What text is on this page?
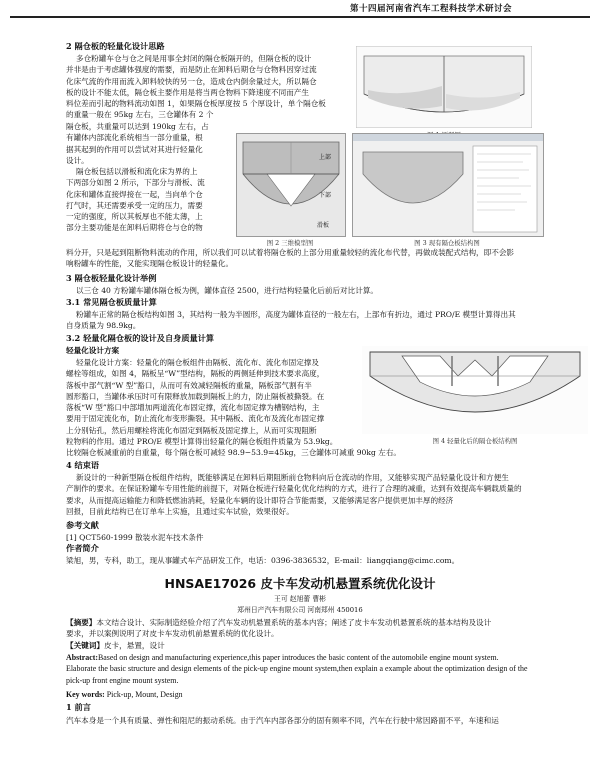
第十四届河南省汽车工程科技学术研讨会
2 隔仓板的轻量化设计思路

多仓粉罐车仓与仓之间是用事全封闭的隔仓板隔开的，但隔仓板的设计

并非是由于考虑罐体强度的需要，而是防止在卸料后期仓与仓物料因穿过流

化床气流的作用而流入卸料较快的另一仓，造成仓内倒余量过大，所以隔仓

板的设计不能太低，隔仓板主要作用是将当两仓物料下降速度不同而产生

料位差而引起的物料流动如图 1，如果隔仓板厚度按 5 个厚设计，单个隔仓板

的重量一般在 95kg 左右，三仓罐体有 2 个

隔仓板，共重量可以达到 190kg 左右，占

有罐体内部流化系统相当一部分重量，根

据其起到的作用可以尝试对其进行轻量化

设计。

隔仓板包括以滑板和流化床为界的上

下两部分如图 2 所示，下部分与滑板、流

化床和罐体直接焊接在一起，当向单个仓

打气时，其还需要承受一定的压力，需要

一定的强度，所以其板厚也不能太薄，上

部分主要功能是在卸料后期将仓与仓的物

上部
下部
滑板
图 2 三维模型图	图 3 现有隔仓板结构图

料分开，只是起到阻断物料流动的作用，所以我们可以试着将隔仓板的上部分用重量较轻的流化布代替，再做成装配式结构，即不会影

响粉罐车的性能，又能实现隔仓板设计的轻量化。

3 隔仓板轻量化设计举例
以三仓 40 方粉罐车罐体隔仓板为例，罐体直径 2500，进行结构轻量化后前后对比计算。
3.1 常见隔仓板质量计算

粉罐车正常的隔仓板结构如图 3，其结构一般为半圆形，高度为罐体直径的一般左右，上部布有折边，通过 PRO/E 模型计算得出其

自身质量为 98.9kg。

3.2 轻量化隔仓板的设计及自身质量计算
轻量化设计方案

轻量化设计方案：轻量化的隔仓板组件由隔板、流化布、流化布固定撑及

螺栓等组成，如图 4，隔板呈“W”型结构，隔板的两侧延伸到技术要求高度，

落板中部气割“W 型”豁口，从而可有效减轻隔板的重量，隔板部气割有半

圆形豁口，当罐体承压时可有限释放加载到隔板上的力，防止隔板被撕裂。在

落板“W 型”豁口中部增加两道流化布固定撑，流化布固定撑为槽钢结构，主

要用于固定流化布，防止流化布变形撕裂。其中隔板、流化布及流化布固定撑

上分别钻孔，然后用螺栓将流化布固定到隔板及固定撑上，从而可实现阻断

粒物料的作用。通过 PRO/E 模型计算得出轻量化的隔仓板组件质量为 53.9kg。	图 4 轻量化后的隔仓板结构图
比较隔仓板减重前的自重量，每个隔仓板可减轻 98.9−53.9=45kg，三仓罐体可减重 90kg 左右。
4 结束语

新设计的一种新型隔仓板组件结构，既能够满足在卸料后期阻断前仓物料向后仓流动的作用，又能够实现产品轻量化设计和方便生

产制作的要求。在保证粉罐车专用性能的前提下，对隔仓板进行轻量化优化结构的方式，进行了合理的减重，达到有效提高车辆载质量的

要求，从而提高运输能力和降低燃油消耗，轻量化车辆的设计即符合节能需要，又能够满足客户提供更加丰厚的经济

回报，目前此结构已在订单车上实施，且通过实车试验，效果很好。

参考文献
[1] QCT560-1999 散装水泥车技术条件
作者简介
梁旭，男，专科，助工，现从事罐式车产品研发工作，电话：0396-3836532，E-mail：liangqiang@cimc.com。
HNSAE17026 皮卡车发动机悬置系统优化设计
王可 赵旭蕾 曹彬
郑州日产汽车有限公司 河南郑州 450016

【摘要】本文结合设计、实际制造经验介绍了汽车发动机悬置系统的基本内容；阐述了皮卡车发动机悬置系统的基本结构及设计

要求，并以案例说明了对皮卡车发动机前悬置系统的优化设计。

【关键词】皮卡，悬置，设计

Abstract:Based on design and manufacturing experience,this paper introduces the basic content of the automobile engine mount system.

Elaborate the basic structure and design elements of the pick-up engine mount system,then explain a example about the optimization design of the

pick-up front engine mount system.

Key words: Pick-up, Mount, Design
1 前言
汽车本身是一个具有质量、弹性和阻尼的振动系统。由于汽车内部各部分的固有频率不同，汽车在行驶中常因路面不平，车速和运
